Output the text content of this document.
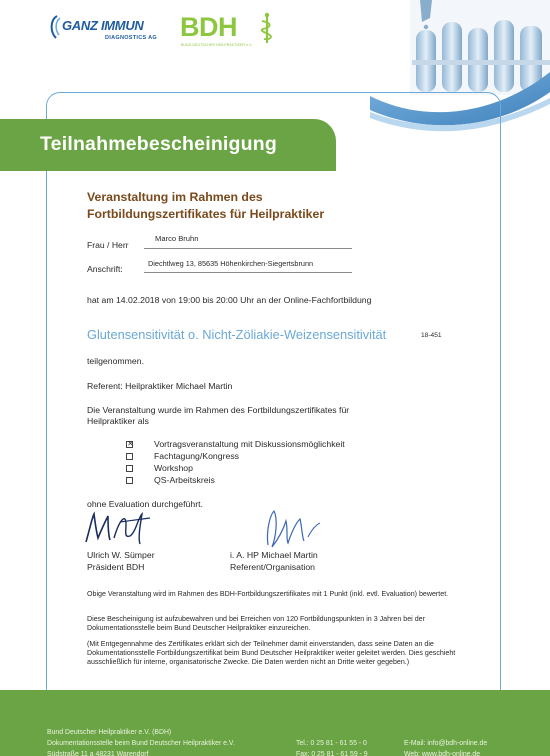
GANZ IMMUN
DIAGNOSTICS AG BDH
BUND DEUTSCHER HEILPRAKTIKER e.V.
Teilnahmebescheinigung
Veranstaltung im Rahmen des
Fortbildungszertifikates für Heilpraktiker
Frau / Herr
Marco Bruhn
Anschrift:
Diechtlweg 13, 85635 Höhenkirchen-Siegertsbrunn
hat am 14.02.2018 von 19:00 bis 20:00 Uhr an der Online-Fachfortbildung
Glutensensitivität o. Nicht-Zöliakie-Weizensensitivität	18-451
teilgenommen.
Referent: Heilpraktiker Michael Martin
Die Veranstaltung wurde im Rahmen des Fortbildungszertifikates für
Heilpraktiker als
✕
Vortragsveranstaltung mit Diskussionsmöglichkeit
Fachtagung/Kongress
Workshop
QS-Arbeitskreis
ohne Evaluation durchgeführt.
Ulrich W. Sümper
Präsident BDH
i. A. HP Michael Martin
Referent/Organisation
Obige Veranstaltung wird im Rahmen des BDH-Fortbildungszertifikates mit 1 Punkt (inkl. evtl. Evaluation) bewertet.
Diese Bescheinigung ist aufzubewahren und bei Erreichen von 120 Fortbildungspunkten in 3 Jahren bei der Dokumentationsstelle beim Bund Deutscher Heilpraktiker einzureichen.
(Mit Entgegennahme des Zertifikates erklärt sich der Teilnehmer damit einverstanden, dass seine Daten an die Dokumentationsstelle Fortbildungszertifikat beim Bund Deutscher Heilpraktiker weiter geleitet werden. Dies geschieht ausschließlich für interne, organisatorische Zwecke. Die Daten werden nicht an Dritte weiter gegeben.)
Bund Deutscher Heilpraktiker e.V. (BDH)
Dokumentationsstelle beim Bund Deutscher Heilpraktiker e.V.
Südstraße 11 a 48231 Warendorf
Tel.: 0 25 81 - 61 55 - 0
Fax: 0 25 81 - 61 59 - 9
E-Mail: info@bdh-online.de
Web: www.bdh-online.de
